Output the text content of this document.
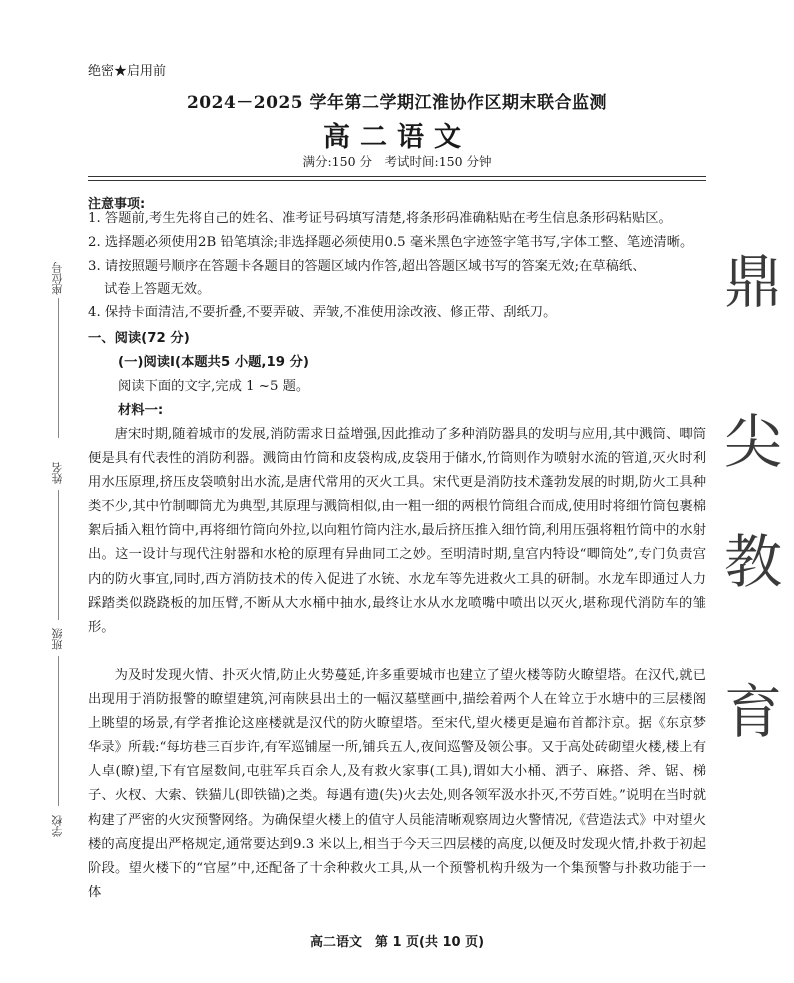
绝密★启用前
2024－2025 学年第二学期江淮协作区期末联合监测
高二语文
满分:150 分　考试时间:150 分钟
座位号
姓名
班级
学校
鼎
尖
教
育
注意事项:
1. 答题前,考生先将自己的姓名、准考证号码填写清楚,将条形码准确粘贴在考生信息条形码粘贴区。
2. 选择题必须使用2B 铅笔填涂;非选择题必须使用0.5 毫米黑色字迹签字笔书写,字体工整、笔迹清晰。
3. 请按照题号顺序在答题卡各题目的答题区域内作答,超出答题区域书写的答案无效;在草稿纸、
试卷上答题无效。
4. 保持卡面清洁,不要折叠,不要弄破、弄皱,不准使用涂改液、修正带、刮纸刀。
一、阅读(72 分)
(一)阅读Ⅰ(本题共5 小题,19 分)
阅读下面的文字,完成 1 ~5 题。
材料一:

唐宋时期,随着城市的发展,消防需求日益增强,因此推动了多种消防器具的发明与应用,其中溅筒、唧筒便是具有代表性的消防利器。溅筒由竹筒和皮袋构成,皮袋用于储水,竹筒则作为喷射水流的管道,灭火时利用水压原理,挤压皮袋喷射出水流,是唐代常用的灭火工具。宋代更是消防技术蓬勃发展的时期,防火工具种类不少,其中竹制唧筒尤为典型,其原理与溅筒相似,由一粗一细的两根竹筒组合而成,使用时将细竹筒包裹棉絮后插入粗竹筒中,再将细竹筒向外拉,以向粗竹筒内注水,最后挤压推入细竹筒,利用压强将粗竹筒中的水射出。这一设计与现代注射器和水枪的原理有异曲同工之妙。至明清时期,皇宫内特设“唧筒处”,专门负责宫内的防火事宜,同时,西方消防技术的传入促进了水铳、水龙车等先进救火工具的研制。水龙车即通过人力踩踏类似跷跷板的加压臂,不断从大水桶中抽水,最终让水从水龙喷嘴中喷出以灭火,堪称现代消防车的雏形。

为及时发现火情、扑灭火情,防止火势蔓延,许多重要城市也建立了望火楼等防火瞭望塔。在汉代,就已出现用于消防报警的瞭望建筑,河南陕县出土的一幅汉墓壁画中,描绘着两个人在耸立于水塘中的三层楼阁上眺望的场景,有学者推论这座楼就是汉代的防火瞭望塔。至宋代,望火楼更是遍布首都汴京。据《东京梦华录》所载:“每坊巷三百步许,有军巡铺屋一所,铺兵五人,夜间巡警及领公事。又于高处砖砌望火楼,楼上有人卓(瞭)望,下有官屋数间,屯驻军兵百余人,及有救火家事(工具),谓如大小桶、洒子、麻搭、斧、锯、梯子、火杈、大索、铁猫儿(即铁锚)之类。每遇有遗(失)火去处,则各领军汲水扑灭,不劳百姓。”说明在当时就构建了严密的火灾预警网络。为确保望火楼上的值守人员能清晰观察周边火警情况,《营造法式》中对望火楼的高度提出严格规定,通常要达到9.3 米以上,相当于今天三四层楼的高度,以便及时发现火情,扑救于初起阶段。望火楼下的“官屋”中,还配备了十余种救火工具,从一个预警机构升级为一个集预警与扑救功能于一体

高二语文　第 1 页(共 10 页)
